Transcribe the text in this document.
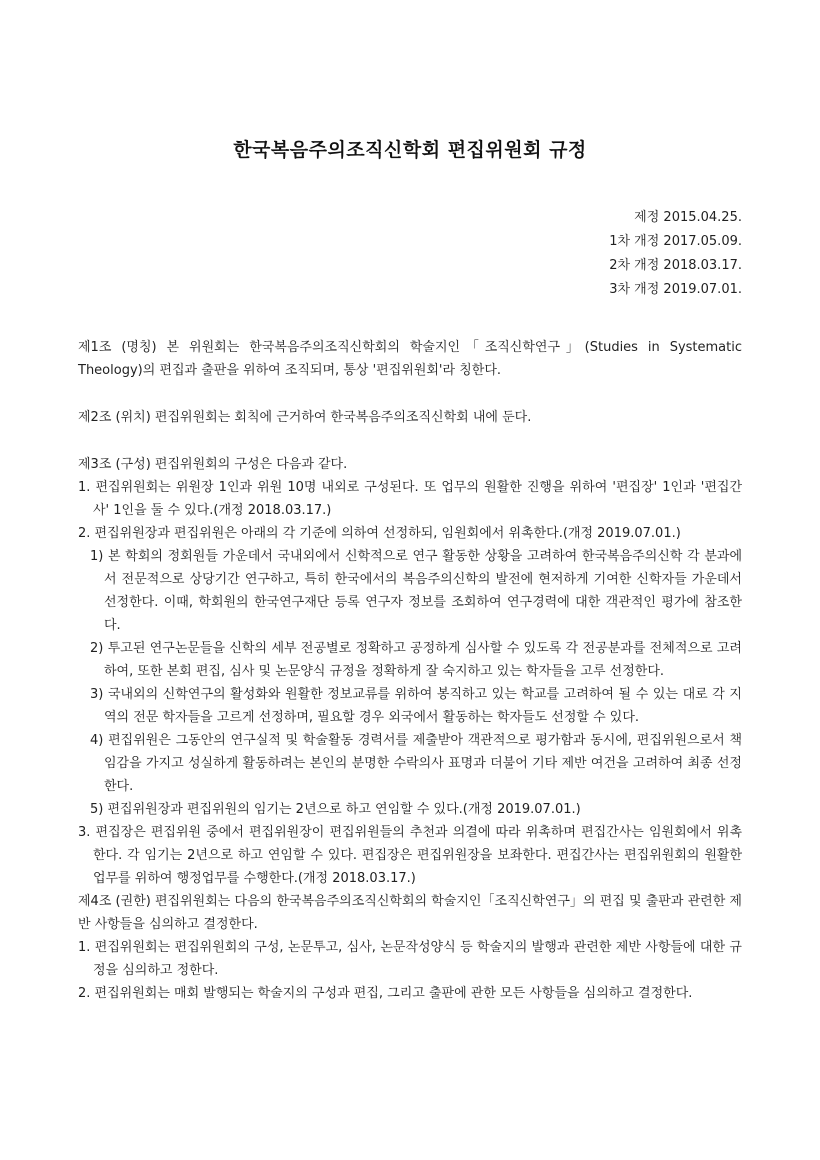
한국복음주의조직신학회 편집위원회 규정
제정 2015.04.25.
1차 개정 2017.05.09.
2차 개정 2018.03.17.
3차 개정 2019.07.01.

제1조 (명칭) 본 위원회는 한국복음주의조직신학회의 학술지인「조직신학연구」(Studies in Systematic Theology)의 편집과 출판을 위하여 조직되며, 통상 '편집위원회'라 칭한다.

제2조 (위치) 편집위원회는 회칙에 근거하여 한국복음주의조직신학회 내에 둔다.

제3조 (구성) 편집위원회의 구성은 다음과 같다.

1. 편집위원회는 위원장 1인과 위원 10명 내외로 구성된다. 또 업무의 원활한 진행을 위하여 '편집장' 1인과 '편집간사' 1인을 둘 수 있다.(개정 2018.03.17.)

2. 편집위원장과 편집위원은 아래의 각 기준에 의하여 선정하되, 임원회에서 위촉한다.(개정 2019.07.01.)

1) 본 학회의 정회원들 가운데서 국내외에서 신학적으로 연구 활동한 상황을 고려하여 한국복음주의신학 각 분과에서 전문적으로 상당기간 연구하고, 특히 한국에서의 복음주의신학의 발전에 현저하게 기여한 신학자들 가운데서 선정한다. 이때, 학회원의 한국연구재단 등록 연구자 정보를 조회하여 연구경력에 대한 객관적인 평가에 참조한다.

2) 투고된 연구논문들을 신학의 세부 전공별로 정확하고 공정하게 심사할 수 있도록 각 전공분과를 전체적으로 고려하여, 또한 본회 편집, 심사 및 논문양식 규정을 정확하게 잘 숙지하고 있는 학자들을 고루 선정한다.

3) 국내외의 신학연구의 활성화와 원활한 정보교류를 위하여 봉직하고 있는 학교를 고려하여 될 수 있는 대로 각 지역의 전문 학자들을 고르게 선정하며, 필요할 경우 외국에서 활동하는 학자들도 선정할 수 있다.

4) 편집위원은 그동안의 연구실적 및 학술활동 경력서를 제출받아 객관적으로 평가함과 동시에, 편집위원으로서 책임감을 가지고 성실하게 활동하려는 본인의 분명한 수락의사 표명과 더불어 기타 제반 여건을 고려하여 최종 선정한다.

5) 편집위원장과 편집위원의 임기는 2년으로 하고 연임할 수 있다.(개정 2019.07.01.)

3. 편집장은 편집위원 중에서 편집위원장이 편집위원들의 추천과 의결에 따라 위촉하며 편집간사는 임원회에서 위촉한다. 각 임기는 2년으로 하고 연임할 수 있다. 편집장은 편집위원장을 보좌한다. 편집간사는 편집위원회의 원활한 업무를 위하여 행정업무를 수행한다.(개정 2018.03.17.)

제4조 (권한) 편집위원회는 다음의 한국복음주의조직신학회의 학술지인「조직신학연구」의 편집 및 출판과 관련한 제반 사항들을 심의하고 결정한다.

1. 편집위원회는 편집위원회의 구성, 논문투고, 심사, 논문작성양식 등 학술지의 발행과 관련한 제반 사항들에 대한 규정을 심의하고 정한다.

2. 편집위원회는 매회 발행되는 학술지의 구성과 편집, 그리고 출판에 관한 모든 사항들을 심의하고 결정한다.
